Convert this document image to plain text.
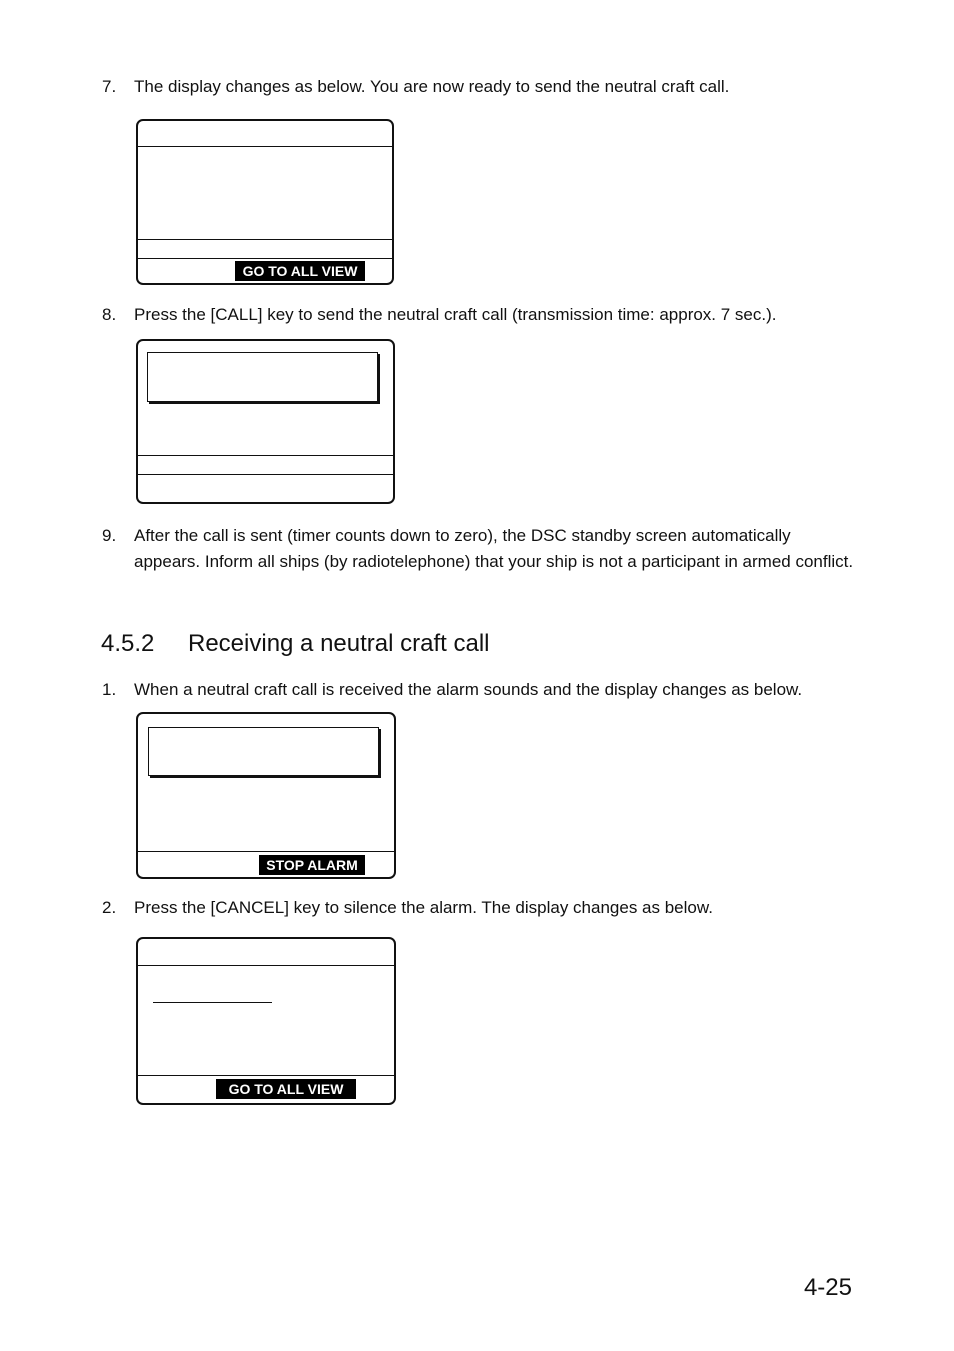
7. The display changes as below. You are now ready to send the neutral craft call.
GO TO ALL VIEW
8. Press the [CALL] key to send the neutral craft call (transmission time: approx. 7 sec.).
9. After the call is sent (timer counts down to zero), the DSC standby screen automatically appears. Inform all ships (by radiotelephone) that your ship is not a participant in armed conflict.
4.5.2 Receiving a neutral craft call
1. When a neutral craft call is received the alarm sounds and the display changes as below.
STOP ALARM
2. Press the [CANCEL] key to silence the alarm. The display changes as below.
GO TO ALL VIEW
4-25
